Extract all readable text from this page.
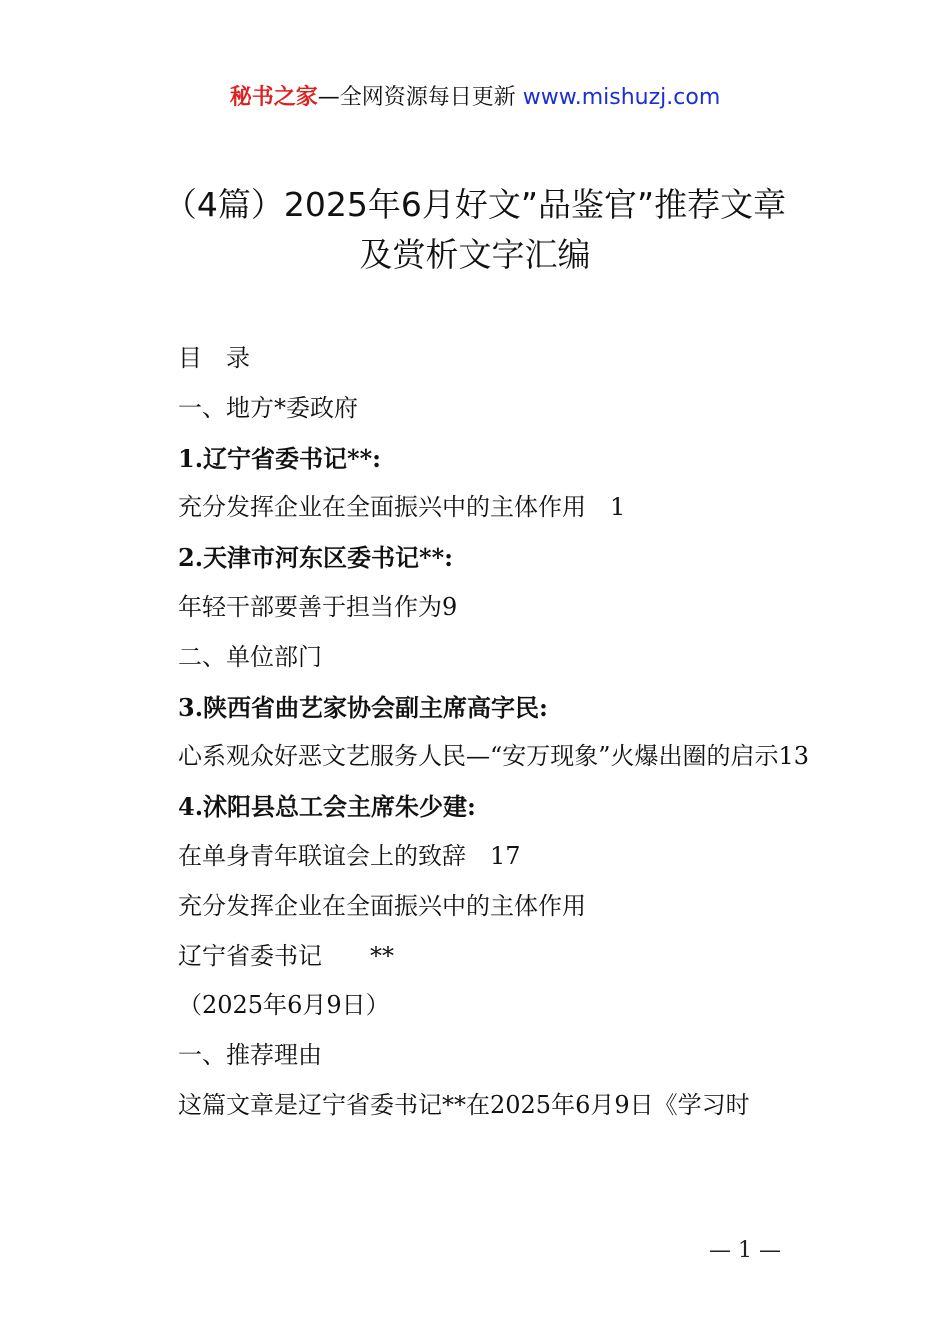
秘书之家—全网资源每日更新 www.mishuzj.com
（4篇）2025年6月好文”品鉴官”推荐文章
及赏析文字汇编
目　录
一、地方*委政府
1.辽宁省委书记**:
充分发挥企业在全面振兴中的主体作用　1
2.天津市河东区委书记**:
年轻干部要善于担当作为9
二、单位部门
3.陕西省曲艺家协会副主席高字民:
心系观众好恶文艺服务人民—“安万现象”火爆出圈的启示13
4.沭阳县总工会主席朱少建:
在单身青年联谊会上的致辞　17
充分发挥企业在全面振兴中的主体作用
辽宁省委书记　　**
（2025年6月9日）
一、推荐理由
这篇文章是辽宁省委书记**在2025年6月9日《学习时
— 1 —
